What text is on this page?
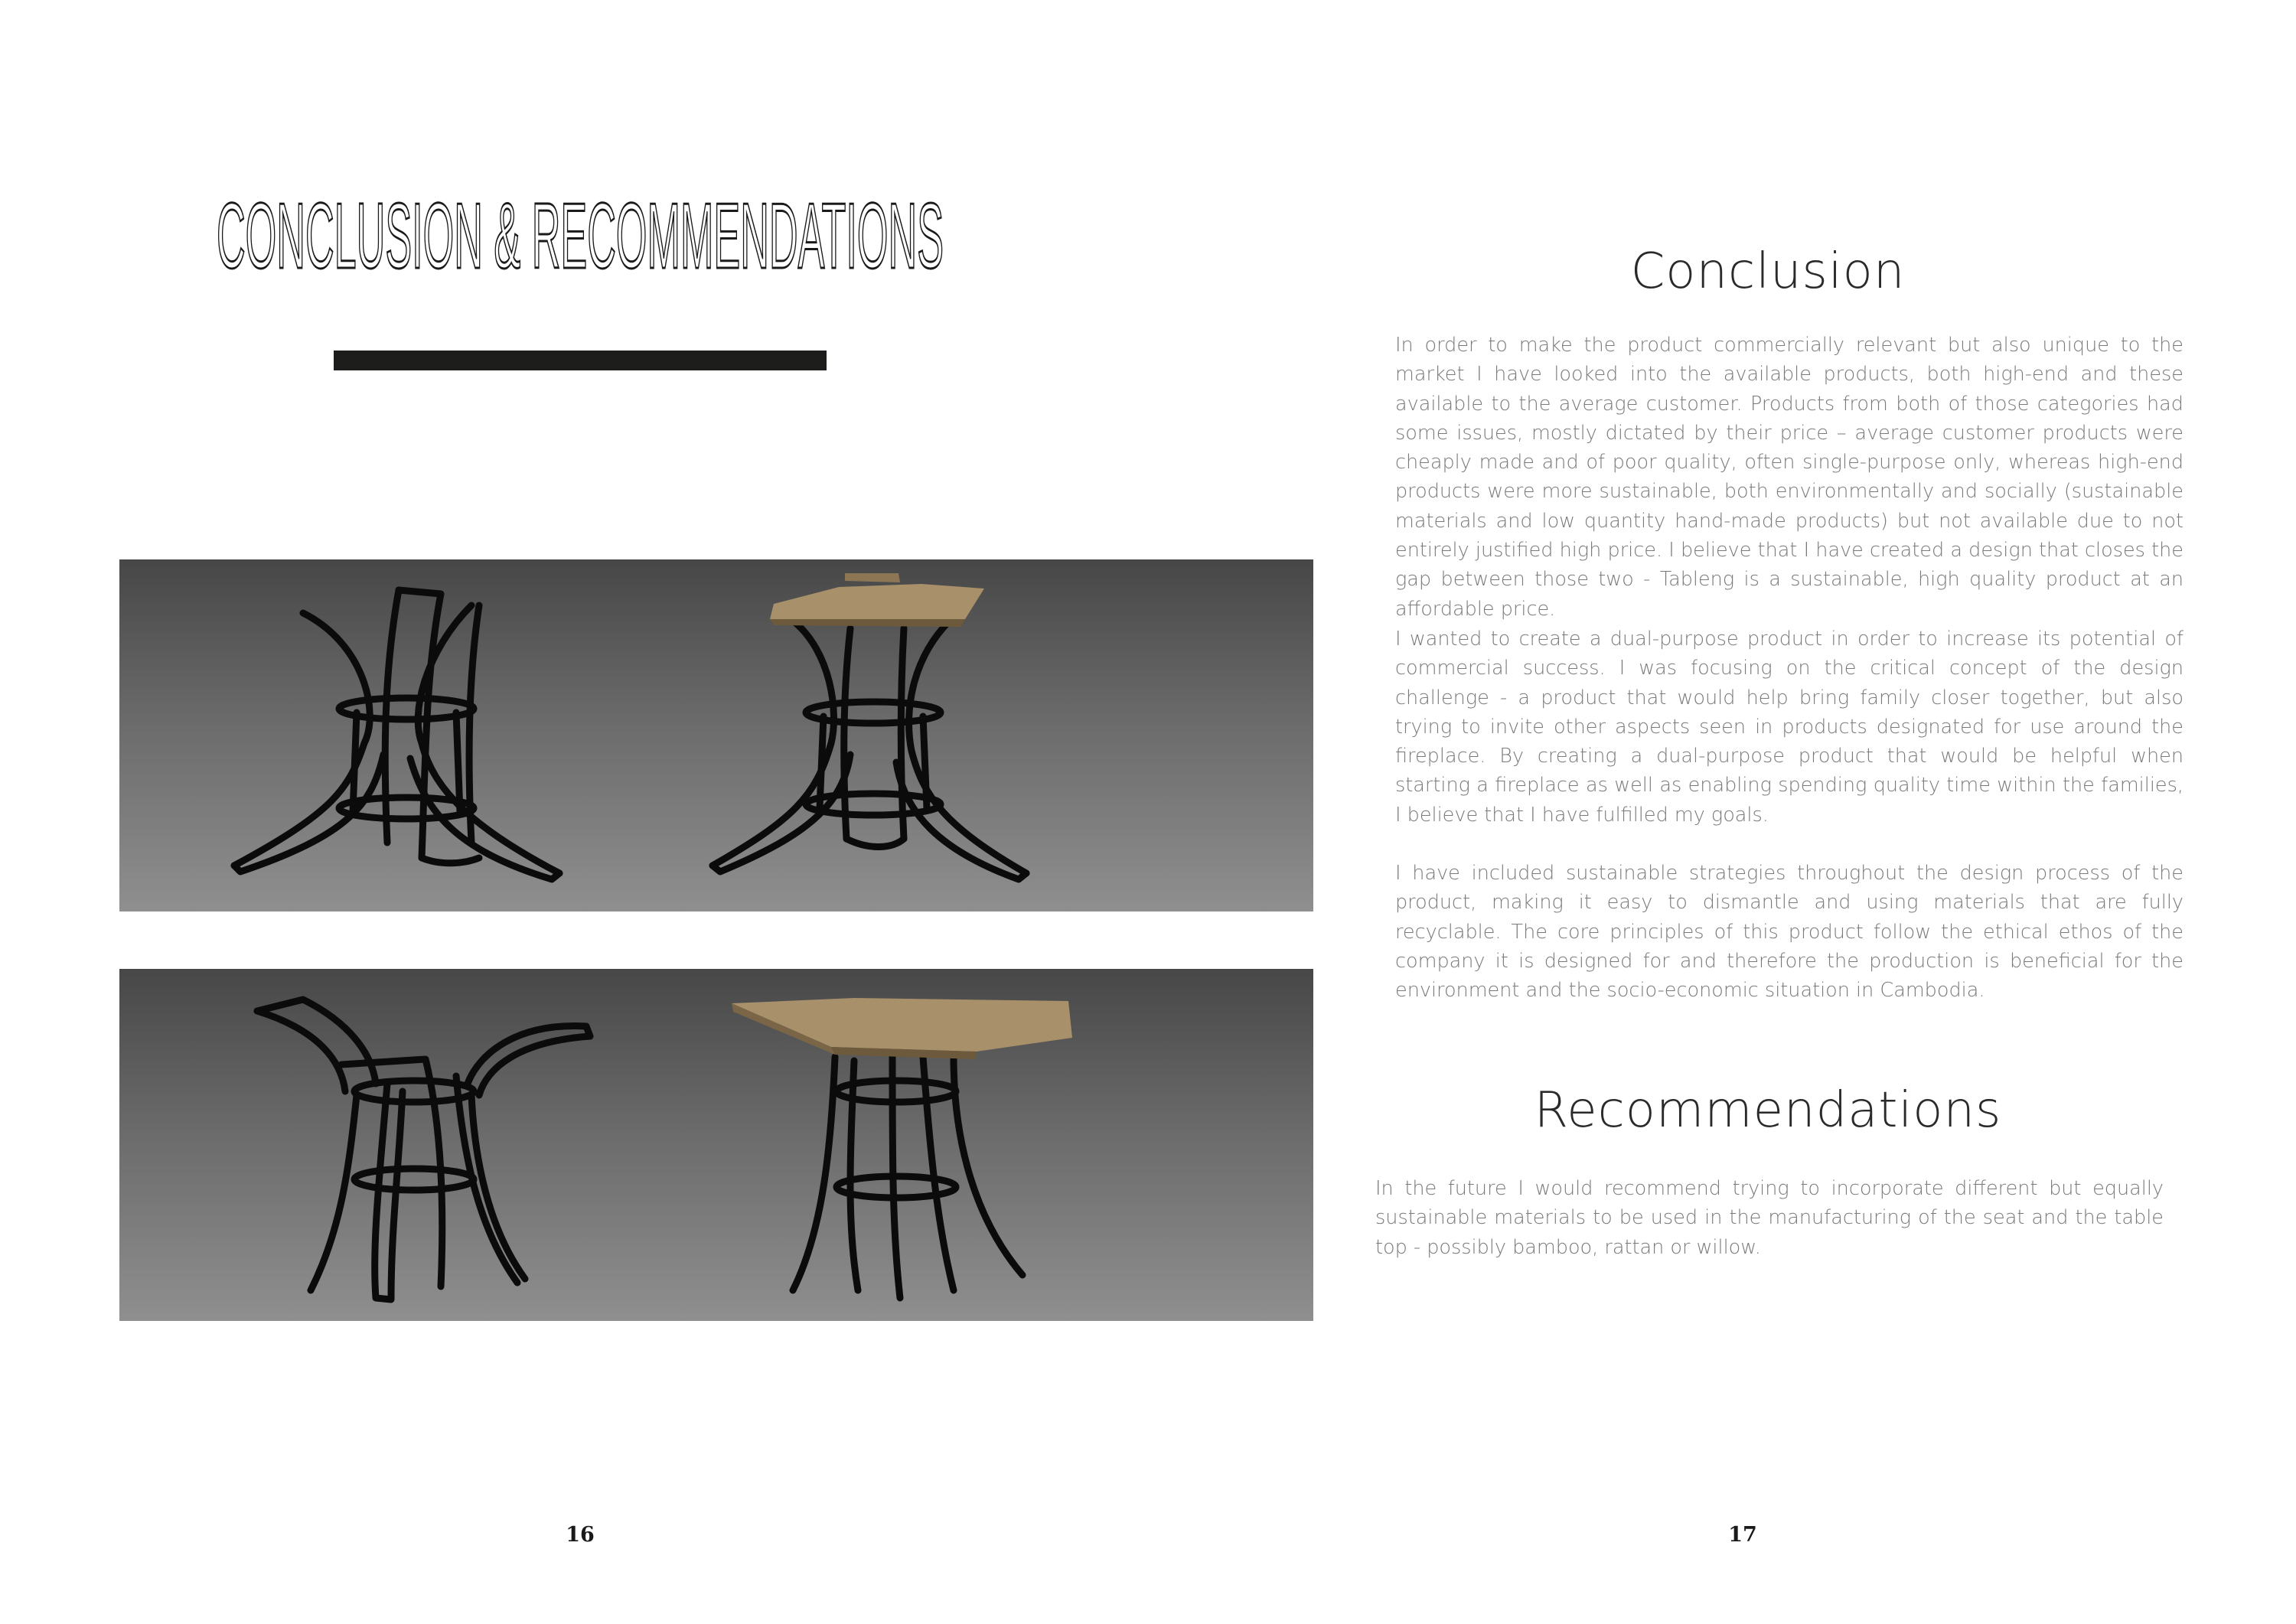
CONCLUSION & RECOMMENDATIONS
16
Conclusion

In order to make the product commercially relevant but also unique to the market I have looked into the available products, both high-end and these available to the average customer. Products from both of those categories had some issues, mostly dictated by their price – average customer products were cheaply made and of poor quality, often single-purpose only, whereas high-end products were more sustainable, both environmentally and socially (sustainable materials and low quantity hand-made products) but not available due to not entirely justified high price. I believe that I have created a design that closes the gap between those two - Tableng is a sustainable, high quality product at an affordable price.

I wanted to create a dual-purpose product in order to increase its potential of commercial success. I was focusing on the critical concept of the design challenge - a product that would help bring family closer together, but also trying to invite other aspects seen in products designated for use around the fireplace. By creating a dual-purpose product that would be helpful when starting a fireplace as well as enabling spending quality time within the families, I believe that I have fulfilled my goals.

I have included sustainable strategies throughout the design process of the product, making it easy to dismantle and using materials that are fully recyclable. The core principles of this product follow the ethical ethos of the company it is designed for and therefore the production is beneficial for the environment and the socio-economic situation in Cambodia.

Recommendations

In the future I would recommend trying to incorporate different but equally sustainable materials to be used in the manufacturing of the seat and the table top - possibly bamboo, rattan or willow.

17
